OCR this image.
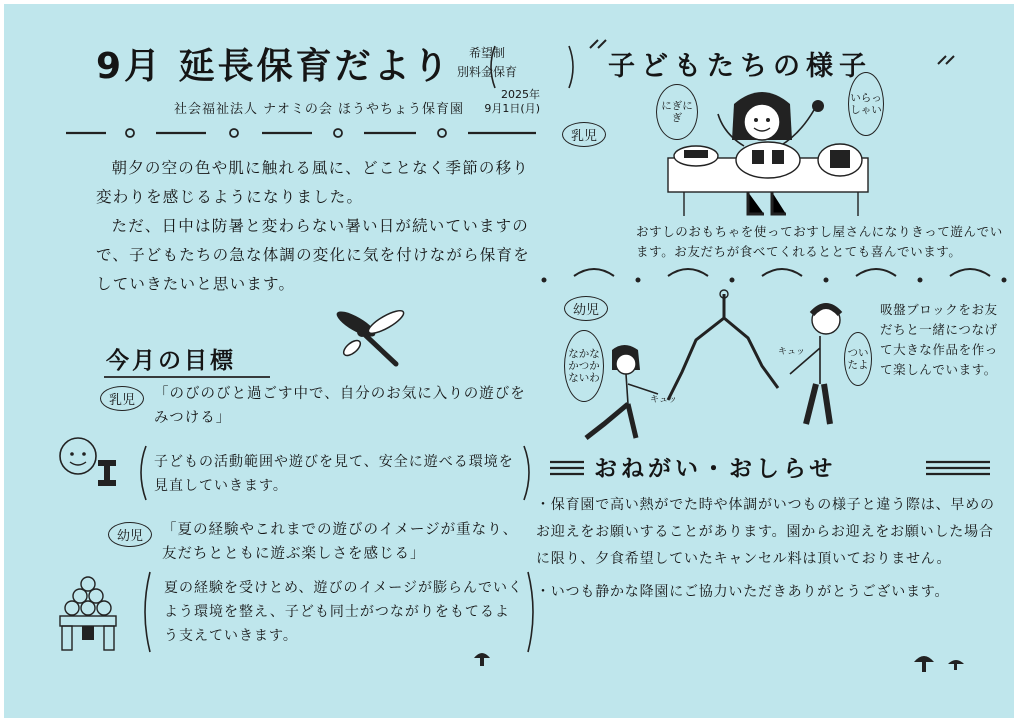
9月 延長保育だより	希望制
別料金保育
社会福祉法人 ナオミの会 ほうやちょう保育園
2025年
9月1日(月)

朝夕の空の色や肌に触れる風に、どことなく季節の移り変わりを感じるようになりました。

ただ、日中は防暑と変わらない暑い日が続いていますので、子どもたちの急な体調の変化に気を付けながら保育をしていきたいと思います。

今月の目標
乳児	「のびのびと過ごす中で、自分のお気に入りの遊びをみつける」
子どもの活動範囲や遊びを見て、安全に遊べる環境を見直していきます。
幼児	「夏の経験やこれまでの遊びのイメージが重なり、友だちとともに遊ぶ楽しさを感じる」
夏の経験を受けとめ、遊びのイメージが膨らんでいくよう環境を整え、子ども同士がつながりをもてるよう支えていきます。
子どもたちの様子
乳児
にぎにぎ
いらっしゃい
おすしのおもちゃを使っておすし屋さんになりきって遊んでいます。お友だちが食べてくれるととても喜んでいます。
幼児
なかなかつかないわ
ついたよ
キュッ
キュッ
吸盤ブロックをお友だちと一緒につなげて大きな作品を作って楽しんでいます。
おねがい・おしらせ

・保育園で高い熱がでた時や体調がいつもの様子と違う際は、早めのお迎えをお願いすることがあります。園からお迎えをお願いした場合に限り、夕食希望していたキャンセル料は頂いておりません。

・いつも静かな降園にご協力いただきありがとうございます。
